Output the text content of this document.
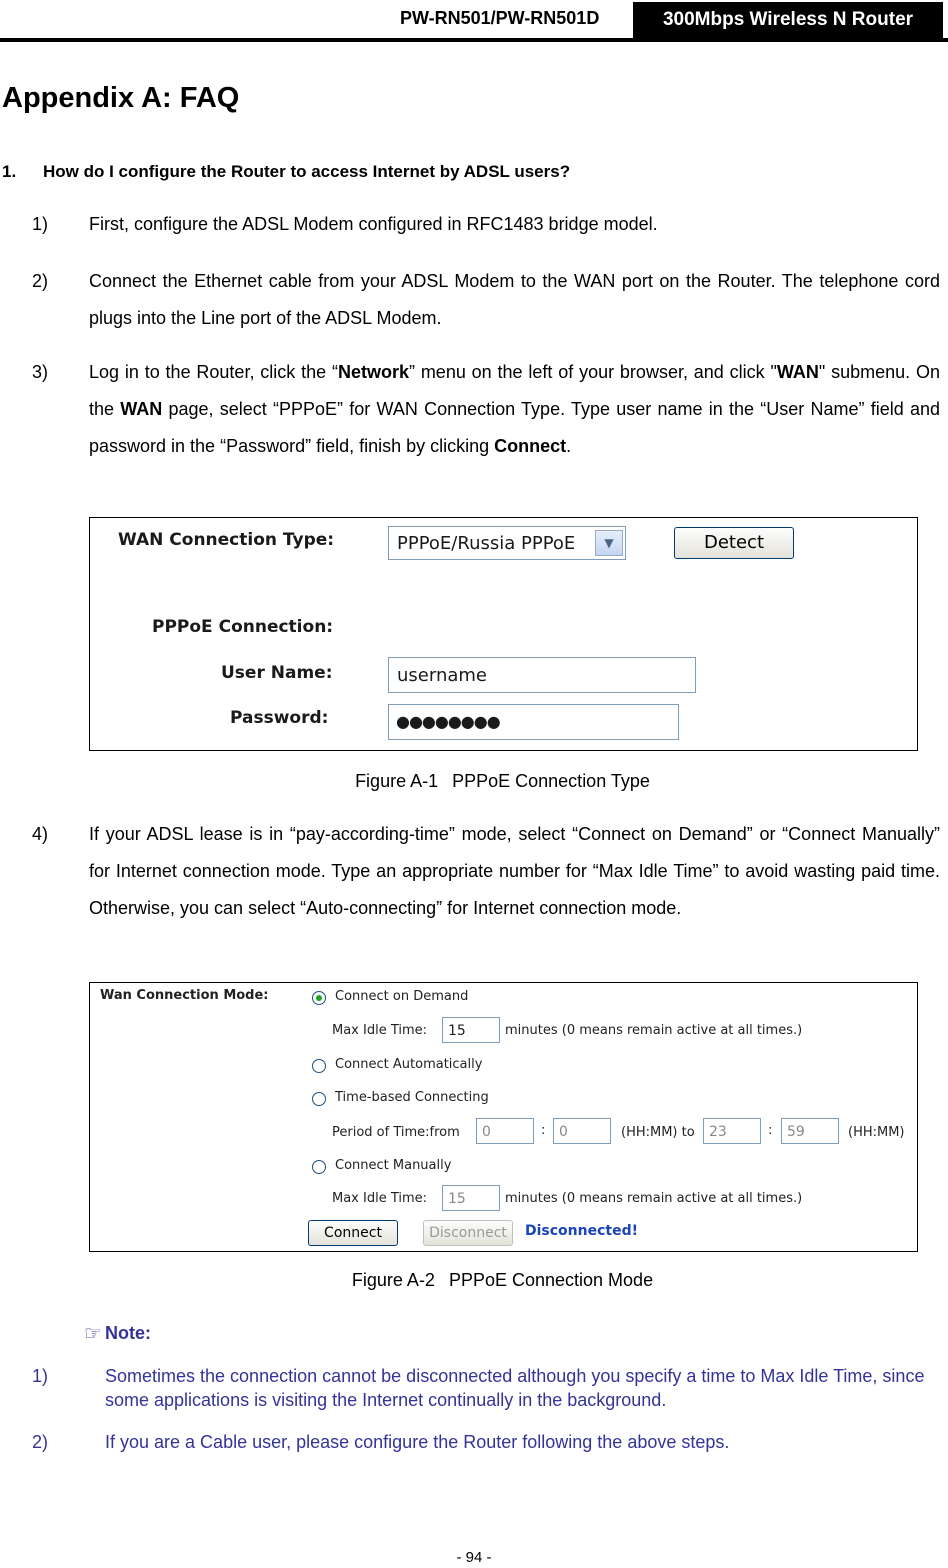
PW-RN501/PW-RN501D	300Mbps Wireless N Router
Appendix A: FAQ
1. How do I configure the Router to access Internet by ADSL users?
1) First, configure the ADSL Modem configured in RFC1483 bridge model.
2) Connect the Ethernet cable from your ADSL Modem to the WAN port on the Router. The telephone cord plugs into the Line port of the ADSL Modem.
3) Log in to the Router, click the “Network” menu on the left of your browser, and click "WAN" submenu. On the WAN page, select “PPPoE” for WAN Connection Type. Type user name in the “User Name” field and password in the “Password” field, finish by clicking Connect.
WAN Connection Type:	PPPoE/Russia PPPoE	▼	Detect
PPPoE Connection:
User Name:	username
Password:	●●●●●●●●
Figure A-1 PPPoE Connection Type
4) If your ADSL lease is in “pay-according-time” mode, select “Connect on Demand” or “Connect Manually” for Internet connection mode. Type an appropriate number for “Max Idle Time” to avoid wasting paid time. Otherwise, you can select “Auto-connecting” for Internet connection mode.
Wan Connection Mode:	Connect on Demand
Max Idle Time: 15	minutes (0 means remain active at all times.)
Connect Automatically
Time-based Connecting
Period of Time:from 0	: 0	(HH:MM) to 23	: 59	(HH:MM)
Connect Manually
Max Idle Time: 15	minutes (0 means remain active at all times.)
Connect	Disconnect	Disconnected!
Figure A-2 PPPoE Connection Mode
☞ Note:
1)	Sometimes the connection cannot be disconnected although you specify a time to Max Idle Time, since some applications is visiting the Internet continually in the background.
2)	If you are a Cable user, please configure the Router following the above steps.
- 94 -
